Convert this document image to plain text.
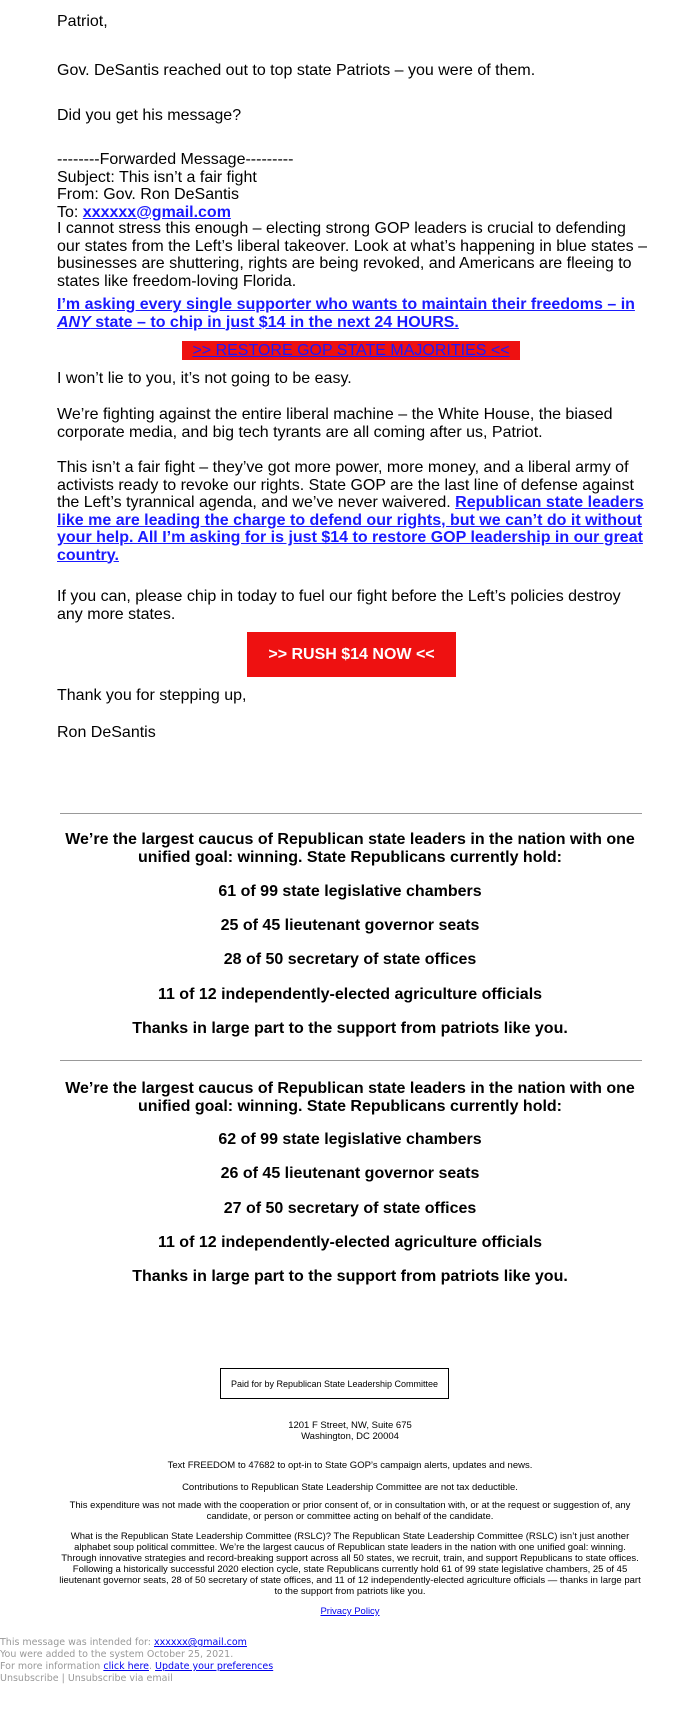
Patriot,
Gov. DeSantis reached out to top state Patriots – you were of them.
Did you get his message?
--------Forwarded Message---------
Subject: This isn’t a fair fight
From: Gov. Ron DeSantis
To: xxxxxx@gmail.com
I cannot stress this enough – electing strong GOP leaders is crucial to defending our states from the Left’s liberal takeover. Look at what’s happening in blue states – businesses are shuttering, rights are being revoked, and Americans are fleeing to states like freedom-loving Florida.
I’m asking every single supporter who wants to maintain their freedoms – in ANY state – to chip in just $14 in the next 24 HOURS.
>> RESTORE GOP STATE MAJORITIES <<
I won’t lie to you, it’s not going to be easy.
We’re fighting against the entire liberal machine – the White House, the biased corporate media, and big tech tyrants are all coming after us, Patriot.
This isn’t a fair fight – they’ve got more power, more money, and a liberal army of activists ready to revoke our rights. State GOP are the last line of defense against the Left’s tyrannical agenda, and we’ve never waivered. Republican state leaders like me are leading the charge to defend our rights, but we can’t do it without your help. All I’m asking for is just $14 to restore GOP leadership in our great country.
If you can, please chip in today to fuel our fight before the Left’s policies destroy any more states.
>> RUSH $14 NOW <<
Thank you for stepping up,
Ron DeSantis
We’re the largest caucus of Republican state leaders in the nation with one unified goal: winning. State Republicans currently hold:
61 of 99 state legislative chambers
25 of 45 lieutenant governor seats
28 of 50 secretary of state offices
11 of 12 independently-elected agriculture officials
Thanks in large part to the support from patriots like you.
We’re the largest caucus of Republican state leaders in the nation with one unified goal: winning. State Republicans currently hold:
62 of 99 state legislative chambers
26 of 45 lieutenant governor seats
27 of 50 secretary of state offices
11 of 12 independently-elected agriculture officials
Thanks in large part to the support from patriots like you.
Paid for by Republican State Leadership Committee
1201 F Street, NW, Suite 675
Washington, DC 20004
Text FREEDOM to 47682 to opt-in to State GOP’s campaign alerts, updates and news.
Contributions to Republican State Leadership Committee are not tax deductible.
This expenditure was not made with the cooperation or prior consent of, or in consultation with, or at the request or suggestion of, any candidate, or person or committee acting on behalf of the candidate.
What is the Republican State Leadership Committee (RSLC)? The Republican State Leadership Committee (RSLC) isn’t just another alphabet soup political committee. We’re the largest caucus of Republican state leaders in the nation with one unified goal: winning. Through innovative strategies and record-breaking support across all 50 states, we recruit, train, and support Republicans to state offices. Following a historically successful 2020 election cycle, state Republicans currently hold 61 of 99 state legislative chambers, 25 of 45 lieutenant governor seats, 28 of 50 secretary of state offices, and 11 of 12 independently-elected agriculture officials — thanks in large part to the support from patriots like you.
Privacy Policy
This message was intended for: xxxxxx@gmail.com
You were added to the system October 25, 2021.
For more information click here. Update your preferences
Unsubscribe | Unsubscribe via email
